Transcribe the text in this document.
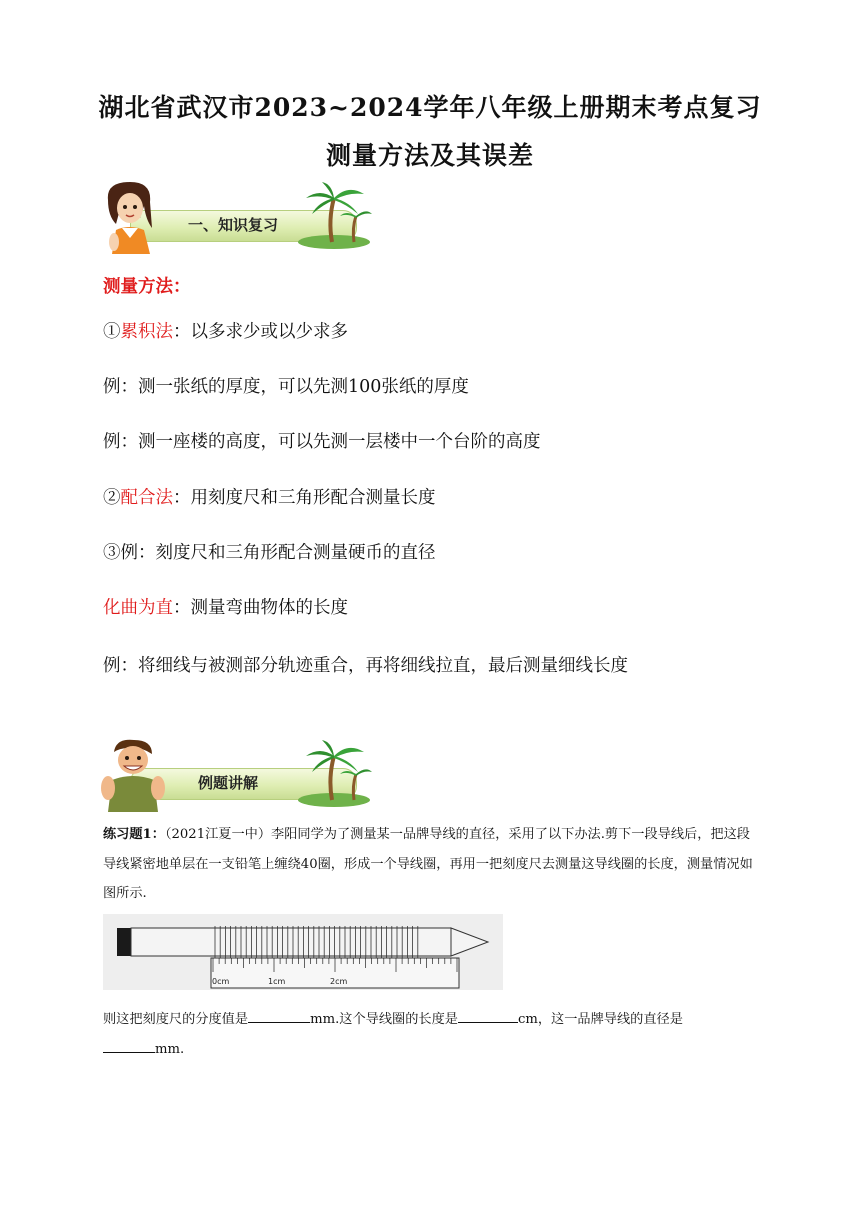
湖北省武汉市2023~2024学年八年级上册期末考点复习
测量方法及其误差
一、知识复习
测量方法：
①累积法：以多求少或以少求多
例：测一张纸的厚度，可以先测100张纸的厚度
例：测一座楼的高度，可以先测一层楼中一个台阶的高度
②配合法：用刻度尺和三角形配合测量长度
③例：刻度尺和三角形配合测量硬币的直径
化曲为直：测量弯曲物体的长度
例：将细线与被测部分轨迹重合，再将细线拉直，最后测量细线长度
例题讲解
练习题1：（2021江夏一中）李阳同学为了测量某一品牌导线的直径，采用了以下办法.剪下一段导线后，把这段导线紧密地单层在一支铅笔上缠绕40圈，形成一个导线圈，再用一把刻度尺去测量这导线圈的长度，测量情况如图所示.
0cm	1cm	2cm
则这把刻度尺的分度值是	mm.这个导线圈的长度是	cm，这一品牌导线的直径是
mm.
